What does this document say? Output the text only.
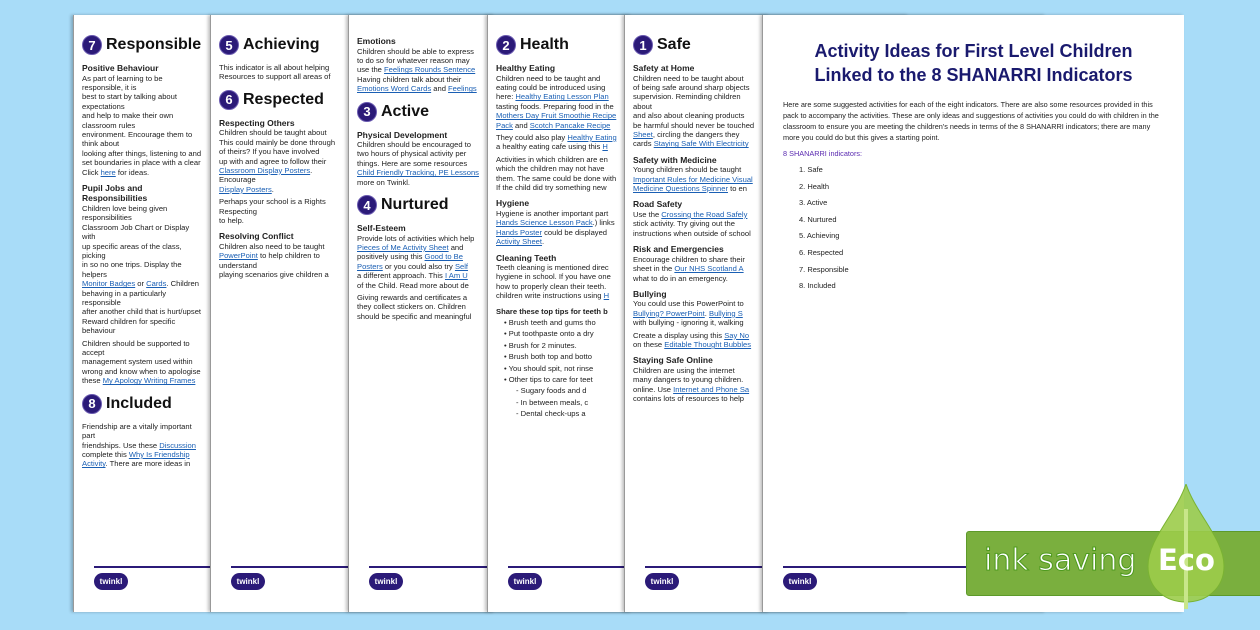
7 Responsible
Positive Behaviour
As part of learning to be responsible, it is
best to start by talking about expectations
and help to make their own classroom rules
environment. Encourage them to think about
looking after things, listening to and
set boundaries in place with a clear
Click here for ideas.
Pupil Jobs and Responsibilities
Children love being given responsibilities
Classroom Job Chart or Display with
up specific areas of the class, picking
in so no one trips. Display the helpers
Monitor Badges or Cards. Children
behaving in a particularly responsible
after another child that is hurt/upset
Reward children for specific behaviour
Children should be supported to accept
management system used within
wrong and know when to apologise
these My Apology Writing Frames
8 Included
Friendship are a vitally important part
friendships. Use these Discussion
complete this Why Is Friendship
Activity. There are more ideas in
twinkl
5 Achieving
This indicator is all about helping
Resources to support all areas of
6 Respected
Respecting Others
Children should be taught about
This could mainly be done through
of theirs? If you have involved
up with and agree to follow their
Classroom Display Posters. Encourage
Display Posters.
Perhaps your school is a Rights Respecting
to help.
Resolving Conflict
Children also need to be taught
PowerPoint to help children to understand
playing scenarios give children a
twinkl
Emotions
Children should be able to express
to do so for whatever reason may
use the Feelings Rounds Sentence
Having children talk about their
Emotions Word Cards and Feelings
3 Active
Physical Development
Children should be encouraged to
two hours of physical activity per
things. Here are some resources
Child Friendly Tracking, PE Lessons
more on Twinkl.
4 Nurtured
Self-Esteem
Provide lots of activities which help
Pieces of Me Activity Sheet and
positively using this Good to Be
Posters or you could also try Self
a different approach. This I Am U
of the Child. Read more about de
Giving rewards and certificates a
they collect stickers on. Children
should be specific and meaningful
twinkl
2 Health
Healthy Eating
Children need to be taught and
eating could be introduced using
here: Healthy Eating Lesson Plan
tasting foods. Preparing food in the
Mothers Day Fruit Smoothie Recipe
Pack and Scotch Pancake Recipe
They could also play Healthy Eating
a healthy eating cafe using this H
Activities in which children are en
which the children may not have
them. The same could be done with
If the child did try something new
Hygiene
Hygiene is another important part
Hands Science Lesson Pack.) links
Hands Poster could be displayed
Activity Sheet.
Cleaning Teeth
Teeth cleaning is mentioned direc
hygiene in school. If you have one
how to properly clean their teeth.
children write instructions using H
Share these top tips for teeth b
• Brush teeth and gums tho
• Put toothpaste onto a dry
• Brush for 2 minutes.
• Brush both top and botto
• You should spit, not rinse
• Other tips to care for teet
- Sugary foods and d
- In between meals, c
- Dental check-ups a
twinkl
1 Safe
Safety at Home
Children need to be taught about
of being safe around sharp objects
supervision. Reminding children about
and also about cleaning products
be harmful should never be touched
Sheet, circling the dangers they
cards Staying Safe With Electricity
Safety with Medicine
Young children should be taught
Important Rules for Medicine Visual
Medicine Questions Spinner to en
Road Safety
Use the Crossing the Road Safely
stick activity. Try giving out the
instructions when outside of school
Risk and Emergencies
Encourage children to share their
sheet in the Our NHS Scotland A
what to do in an emergency.
Bullying
You could use this PowerPoint to
Bullying? PowerPoint. Bullying S
with bullying - ignoring it, walking
Create a display using this Say No
on these Editable Thought Bubbles
Staying Safe Online
Children are using the internet
many dangers to young children.
online. Use Internet and Phone Sa
contains lots of resources to help
twinkl
Activity Ideas for First Level Children
Linked to the 8 SHANARRI Indicators

Here are some suggested activities for each of the eight indicators. There are also some resources provided in this pack to accompany the activities. These are only ideas and suggestions of activities you could do with children in the classroom to ensure you are meeting the children's needs in terms of the 8 SHANARRI indicators; there are many more you could do but this gives a starting point.

8 SHANARRI indicators:
1. Safe
2. Health
3. Active
4. Nurtured
5. Achieving
6. Respected
7. Responsible
8. Included
twinkl
ink saving Eco
